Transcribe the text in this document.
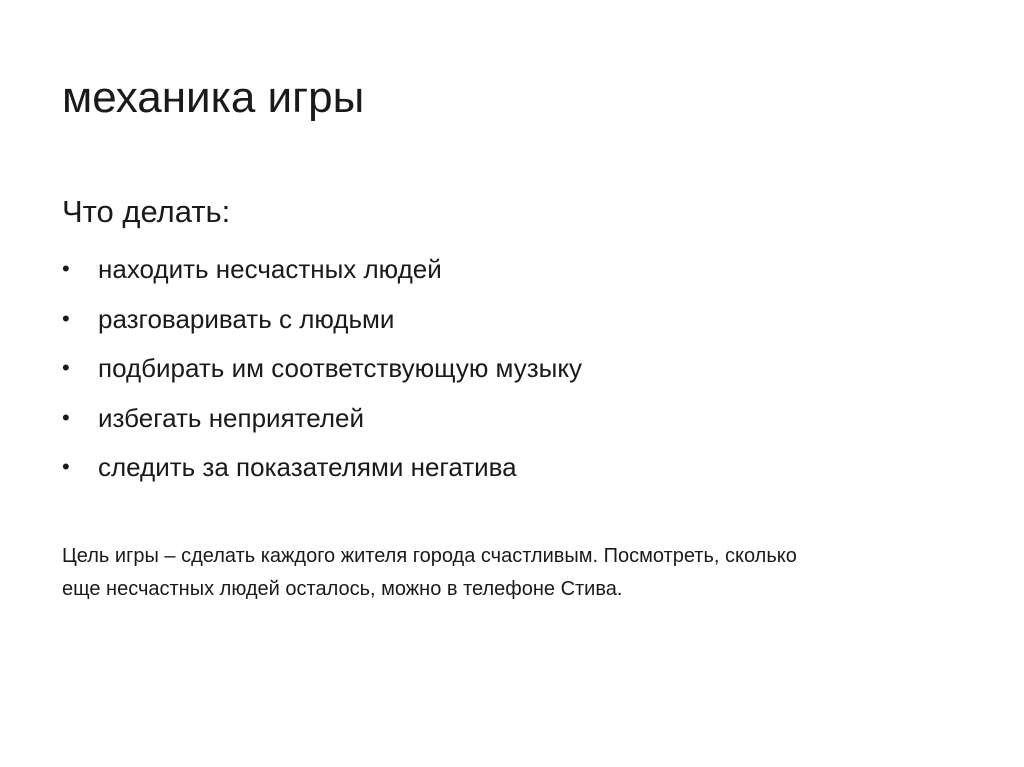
механика игры
Что делать:
•	находить несчастных людей
•	разговаривать с людьми
•	подбирать им соответствующую музыку
•	избегать неприятелей
•	следить за показателями негатива

Цель игры – сделать каждого жителя города счастливым. Посмотреть, сколько
еще несчастных людей осталось, можно в телефоне Стива.
